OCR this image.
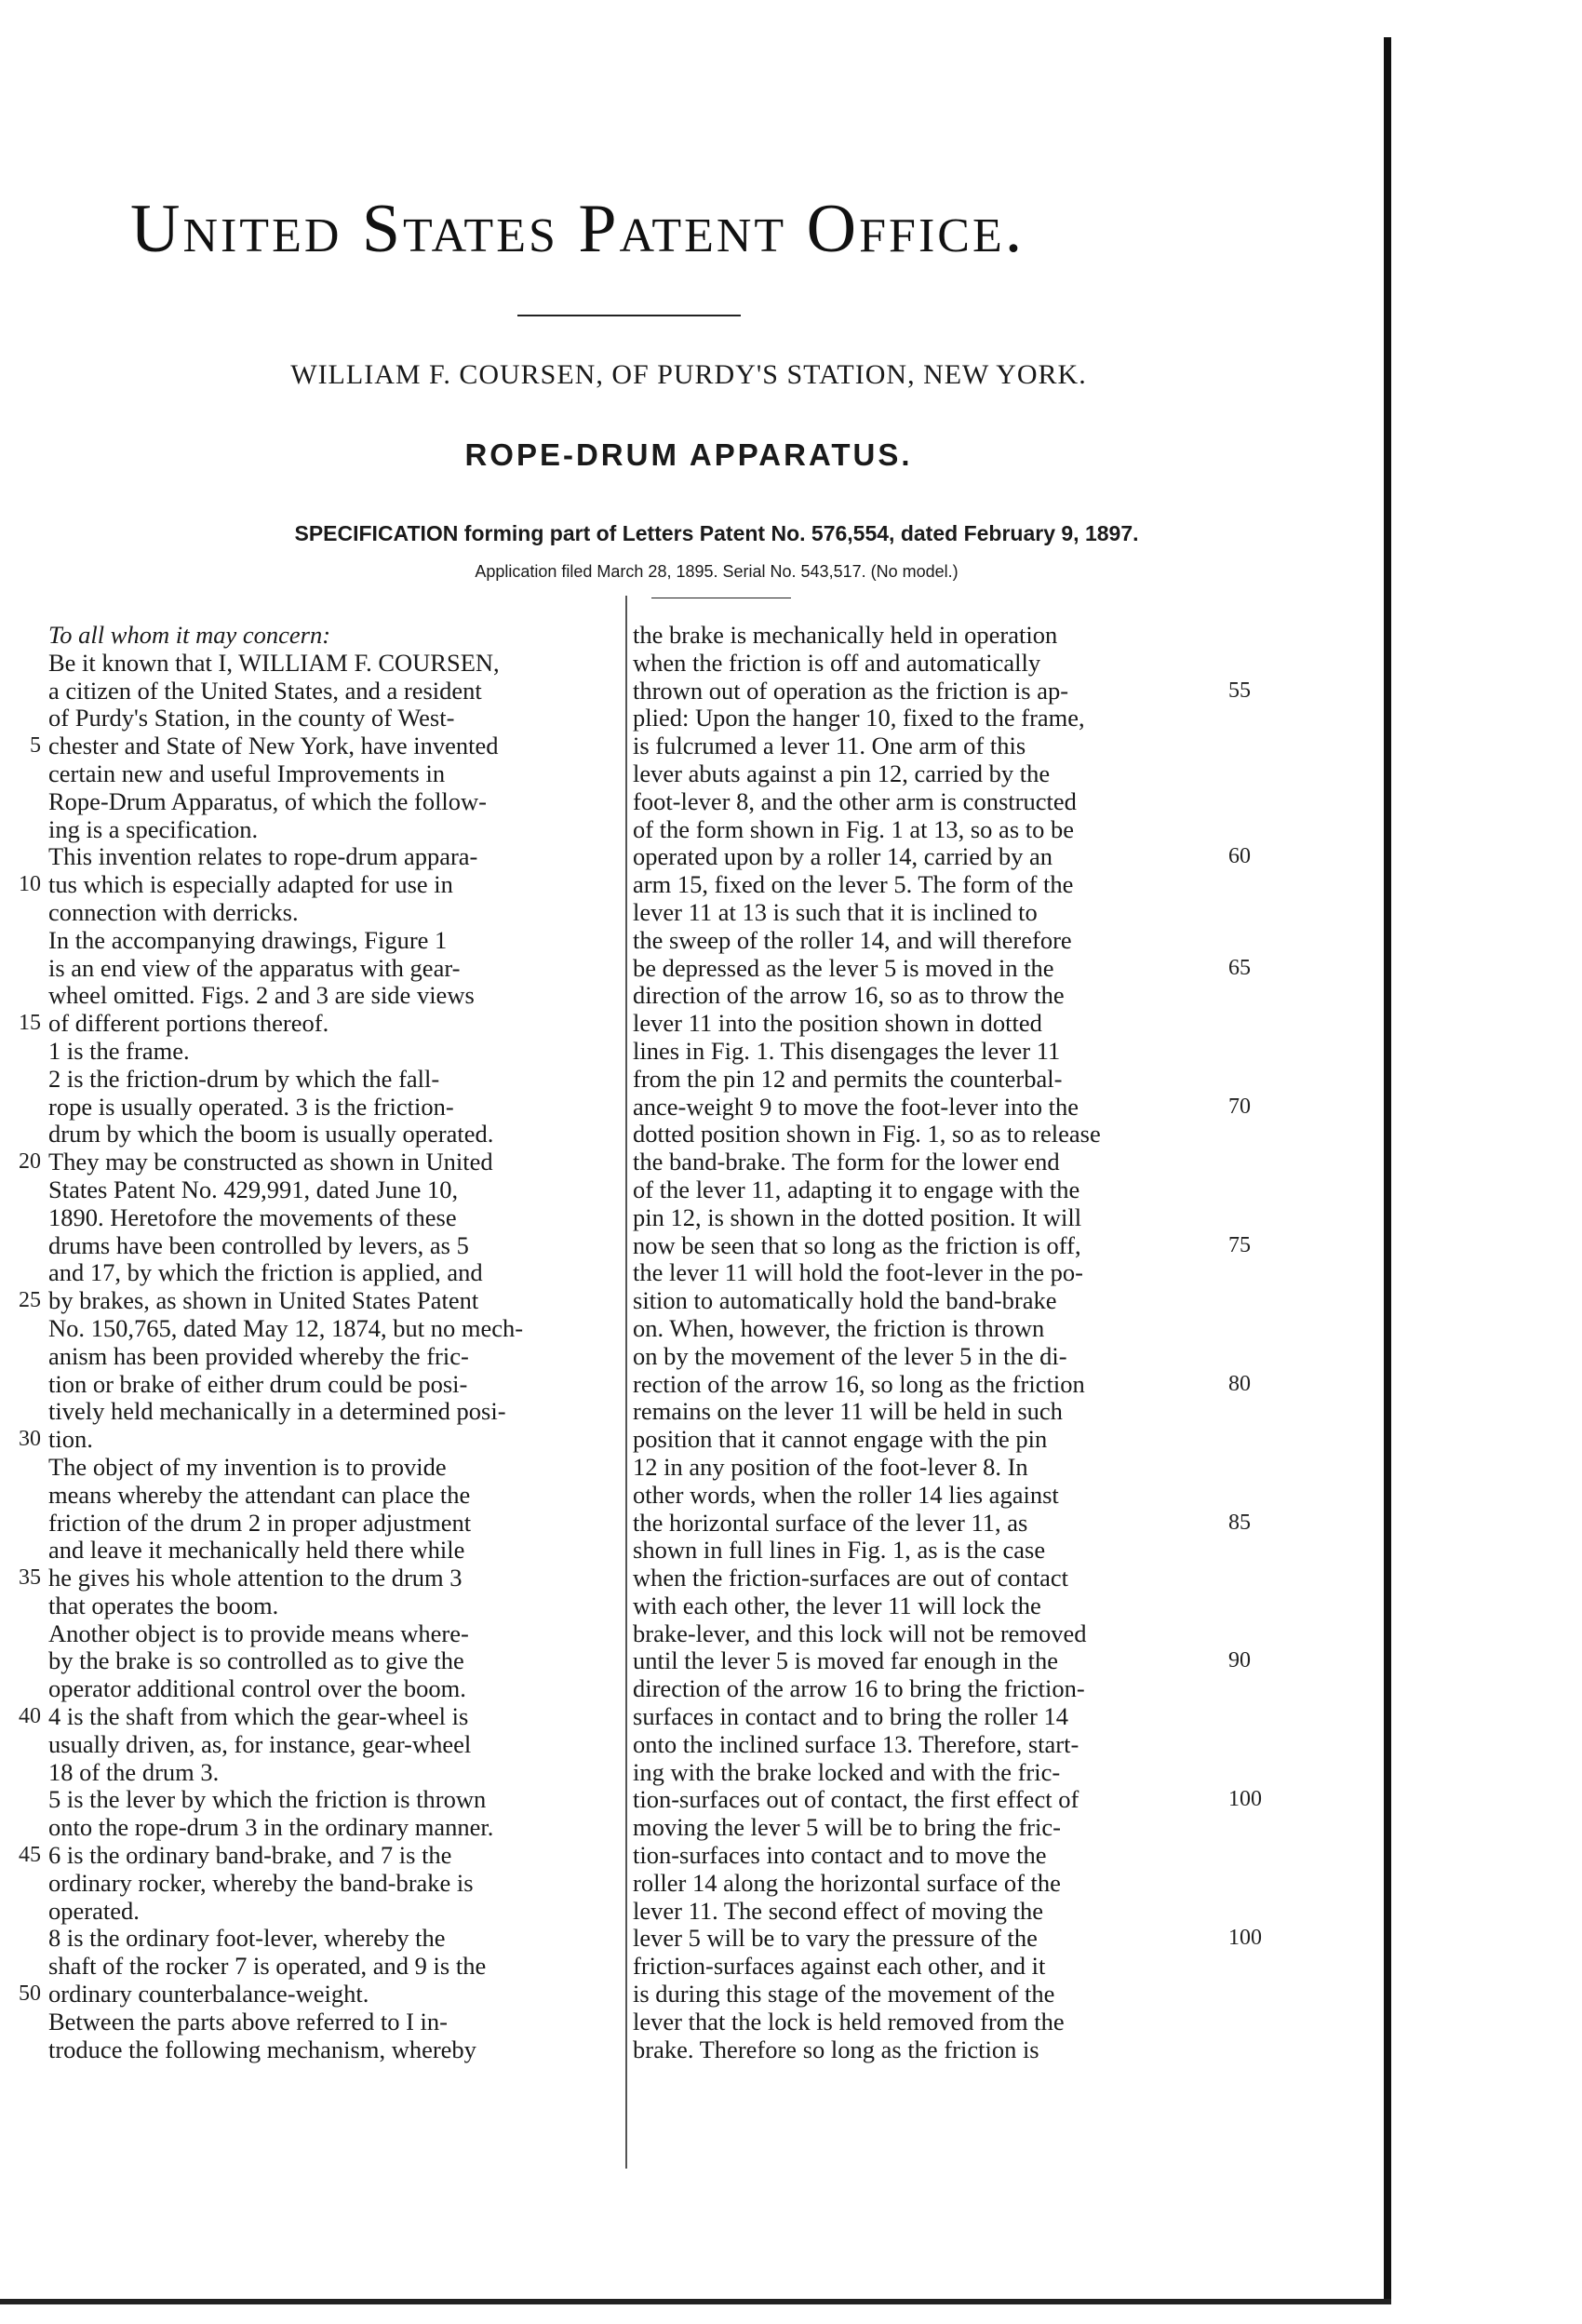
United States Patent Office.
WILLIAM F. COURSEN, OF PURDY'S STATION, NEW YORK.
ROPE-DRUM APPARATUS.
SPECIFICATION forming part of Letters Patent No. 576,554, dated February 9, 1897.
Application filed March 28, 1895. Serial No. 543,517. (No model.)
To all whom it may concern:
Be it known that I, WILLIAM F. COURSEN,
a citizen of the United States, and a resident
of Purdy's Station, in the county of West-
5 chester and State of New York, have invented
certain new and useful Improvements in
Rope-Drum Apparatus, of which the follow-
ing is a specification.
This invention relates to rope-drum appara-
10 tus which is especially adapted for use in
connection with derricks.
In the accompanying drawings, Figure 1
is an end view of the apparatus with gear-
wheel omitted. Figs. 2 and 3 are side views
15 of different portions thereof.
1 is the frame.
2 is the friction-drum by which the fall-
rope is usually operated. 3 is the friction-
drum by which the boom is usually operated.
20 They may be constructed as shown in United
States Patent No. 429,991, dated June 10,
1890. Heretofore the movements of these
drums have been controlled by levers, as 5
and 17, by which the friction is applied, and
25 by brakes, as shown in United States Patent
No. 150,765, dated May 12, 1874, but no mech-
anism has been provided whereby the fric-
tion or brake of either drum could be posi-
tively held mechanically in a determined posi-
30 tion.
The object of my invention is to provide
means whereby the attendant can place the
friction of the drum 2 in proper adjustment
and leave it mechanically held there while
35 he gives his whole attention to the drum 3
that operates the boom.
Another object is to provide means where-
by the brake is so controlled as to give the
operator additional control over the boom.
40 4 is the shaft from which the gear-wheel is
usually driven, as, for instance, gear-wheel
18 of the drum 3.
5 is the lever by which the friction is thrown
onto the rope-drum 3 in the ordinary manner.
45 6 is the ordinary band-brake, and 7 is the
ordinary rocker, whereby the band-brake is
operated.
8 is the ordinary foot-lever, whereby the
shaft of the rocker 7 is operated, and 9 is the
50 ordinary counterbalance-weight.
Between the parts above referred to I in-
troduce the following mechanism, whereby
the brake is mechanically held in operation
when the friction is off and automatically
55
thrown out of operation as the friction is ap-
plied: Upon the hanger 10, fixed to the frame,
is fulcrumed a lever 11. One arm of this
lever abuts against a pin 12, carried by the
foot-lever 8, and the other arm is constructed
of the form shown in Fig. 1 at 13, so as to be
60
operated upon by a roller 14, carried by an
arm 15, fixed on the lever 5. The form of the
lever 11 at 13 is such that it is inclined to
the sweep of the roller 14, and will therefore
65
be depressed as the lever 5 is moved in the
direction of the arrow 16, so as to throw the
lever 11 into the position shown in dotted
lines in Fig. 1. This disengages the lever 11
from the pin 12 and permits the counterbal-
70
ance-weight 9 to move the foot-lever into the
dotted position shown in Fig. 1, so as to release
the band-brake. The form for the lower end
of the lever 11, adapting it to engage with the
pin 12, is shown in the dotted position. It will
75
now be seen that so long as the friction is off,
the lever 11 will hold the foot-lever in the po-
sition to automatically hold the band-brake
on. When, however, the friction is thrown
on by the movement of the lever 5 in the di-
80
rection of the arrow 16, so long as the friction
remains on the lever 11 will be held in such
position that it cannot engage with the pin
12 in any position of the foot-lever 8. In
other words, when the roller 14 lies against
85
the horizontal surface of the lever 11, as
shown in full lines in Fig. 1, as is the case
when the friction-surfaces are out of contact
with each other, the lever 11 will lock the
brake-lever, and this lock will not be removed
90
until the lever 5 is moved far enough in the
direction of the arrow 16 to bring the friction-
surfaces in contact and to bring the roller 14
onto the inclined surface 13. Therefore, start-
ing with the brake locked and with the fric-
100
tion-surfaces out of contact, the first effect of
moving the lever 5 will be to bring the fric-
tion-surfaces into contact and to move the
roller 14 along the horizontal surface of the
lever 11. The second effect of moving the
100
lever 5 will be to vary the pressure of the
friction-surfaces against each other, and it
is during this stage of the movement of the
lever that the lock is held removed from the
brake. Therefore so long as the friction is
